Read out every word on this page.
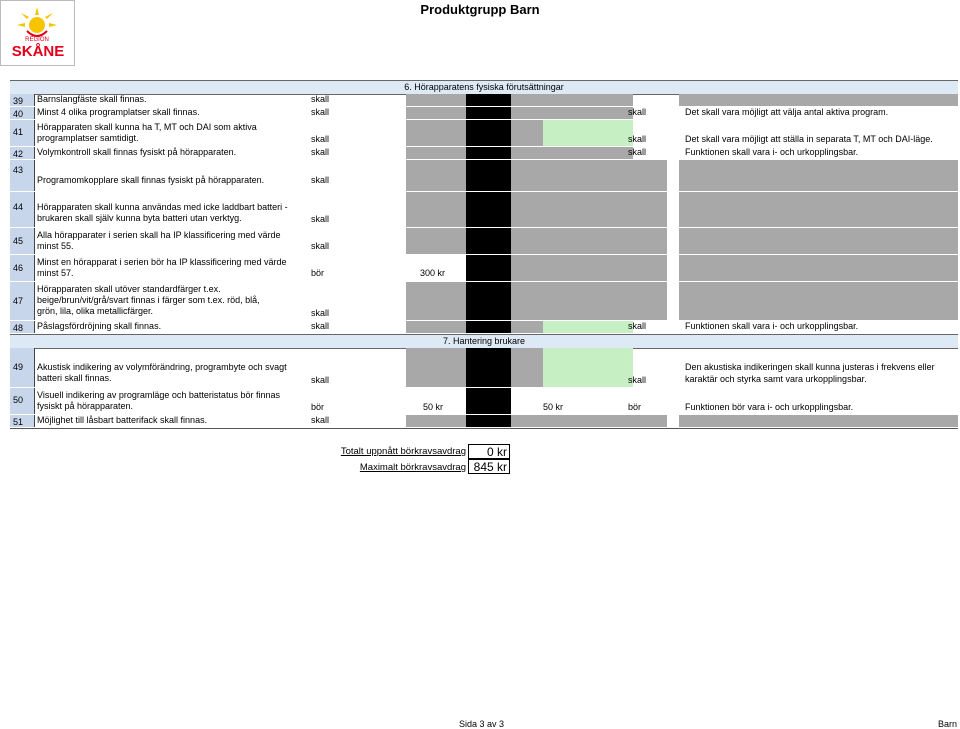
REGION
SKÅNE
Produktgrupp Barn
6. Hörapparatens fysiska förutsättningar
39	Barnslangfäste skall finnas.	skall
40	Minst 4 olika programplatser skall finnas.	skall	skall	Det skall vara möjligt att välja antal aktiva program.
41	Hörapparaten skall kunna ha T, MT och DAI som aktiva
programplatser samtidigt.	skall	skall	Det skall vara möjligt att ställa in separata T, MT och DAI-läge.
42	Volymkontroll skall finnas fysiskt på hörapparaten.	skall	skall	Funktionen skall vara i- och urkopplingsbar.
43
Programomkopplare skall finnas fysiskt på hörapparaten.	skall
44	Hörapparaten skall kunna användas med icke laddbart batteri -
brukaren skall själv kunna byta batteri utan verktyg.	skall
45
Alla hörapparater i serien skall ha IP klassificering med värde
minst 55.	skall
46
Minst en hörapparat i serien bör ha IP klassificering med värde
minst 57.	bör	300 kr
47
Hörapparaten skall utöver standardfärger t.ex.
beige/brun/vit/grå/svart finnas i färger som t.ex. röd, blå,
grön, lila, olika metallicfärger.	skall
48	Påslagsfördröjning skall finnas.	skall	skall	Funktionen skall vara i- och urkopplingsbar.
7. Hantering brukare
49	Akustisk indikering av volymförändring, programbyte och svagt
batteri skall finnas.	skall	skall
Den akustiska indikeringen skall kunna justeras i frekvens eller
karaktär och styrka samt vara urkopplingsbar.
50	Visuell indikering av programläge och batteristatus bör finnas
fysiskt på hörapparaten.	bör	50 kr	50 kr	bör	Funktionen bör vara i- och urkopplingsbar.
51	Möjlighet till låsbart batterifack skall finnas.	skall
Totalt uppnått börkravsavdrag	0 kr
Maximalt börkravsavdrag 845 kr
Sida 3 av 3	Barn
